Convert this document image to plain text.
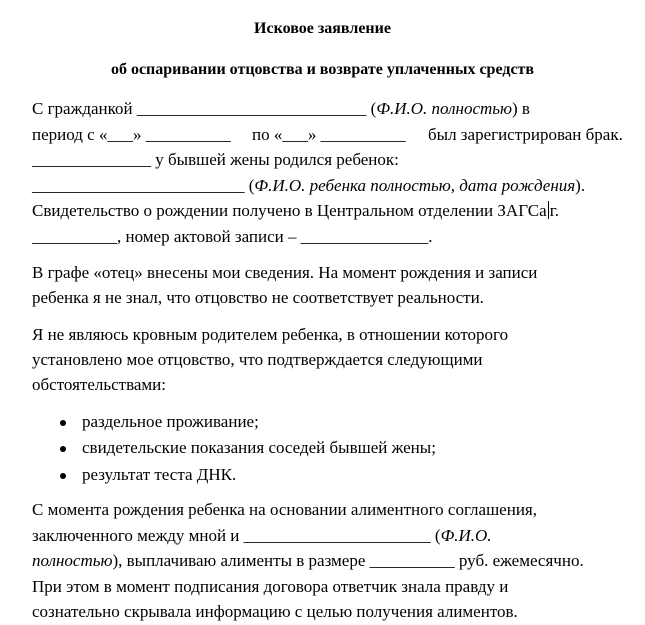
Исковое заявление
об оспаривании отцовства и возврате уплаченных средств
С гражданкой ___________________________ (Ф.И.О. полностью) в
период с «___» __________ по «___» __________ был зарегистрирован брак.
______________ у бывшей жены родился ребенок:
_________________________ (Ф.И.О. ребенка полностью, дата рождения).
Свидетельство о рождении получено в Центральном отделении ЗАГСа г.
__________, номер актовой записи – _______________.
В графе «отец» внесены мои сведения. На момент рождения и записи
ребенка я не знал, что отцовство не соответствует реальности.
Я не являюсь кровным родителем ребенка, в отношении которого
установлено мое отцовство, что подтверждается следующими
обстоятельствами:
раздельное проживание;
свидетельские показания соседей бывшей жены;
результат теста ДНК.
С момента рождения ребенка на основании алиментного соглашения,
заключенного между мной и ______________________ (Ф.И.О.
полностью), выплачиваю алименты в размере __________ руб. ежемесячно.
При этом в момент подписания договора ответчик знала правду и
сознательно скрывала информацию с целью получения алиментов.
